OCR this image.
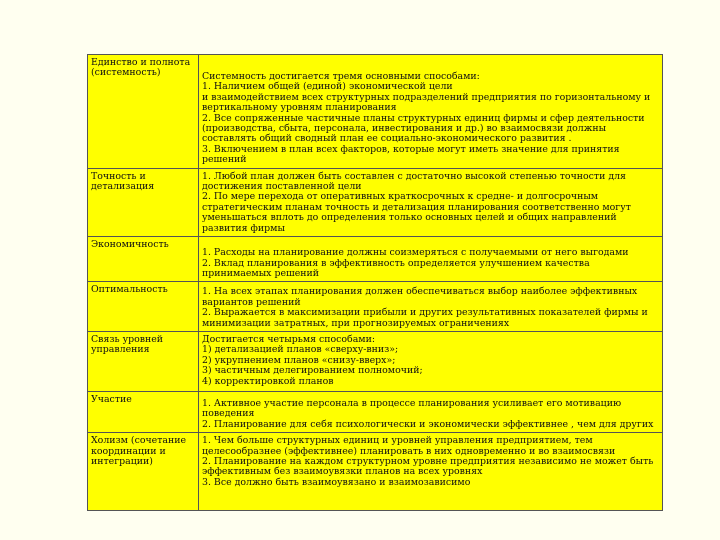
Единство и полнота (системность)	Системность достигается тремя основными способами:
1. Наличием общей (единой) экономической цели
и взаимодействием всех структурных подразделений предприятия по горизонтальному и вертикальному уровням планирования
2. Все сопряженные частичные планы структурных единиц фирмы и сфер деятельности (производства, сбыта, персонала, инвестирования и др.) во взаимосвязи должны составлять общий сводный план ее социально-экономического развития .
3. Включением в план всех факторов, которые могут иметь значение для принятия решений

Точность и детализация	1. Любой план должен быть составлен с достаточно высокой степенью точности для достижения поставленной цели
2. По мере перехода от оперативных краткосрочных к средне- и долгосрочным стратегическим планам точность и детализация планирования соответственно могут уменьшаться вплоть до определения только основных целей и общих направлений развития фирмы

Экономичность	1. Расходы на планирование должны соизмеряться с получаемыми от него выгодами
2. Вклад планирования в эффективность определяется улучшением качества принимаемых решений

Оптимальность	1. На всех этапах планирования должен обеспечиваться выбор наиболее эффективных вариантов решений
2. Выражается в максимизации прибыли и других результативных показателей фирмы и минимизации затратных, при прогнозируемых ограничениях

Связь уровней управления	Достигается четырьмя способами:
1) детализацией планов «сверху-вниз»;
2) укрупнением планов «снизу-вверх»;
3) частичным делегированием полномочий;
4) корректировкой планов

Участие	1. Активное участие персонала в процессе планирования усиливает его мотивацию поведения
2. Планирование для себя психологически и экономически эффективнее , чем для других

Холизм (сочетание координации и интеграции)	1. Чем больше структурных единиц и уровней управления предприятием, тем целесообразнее (эффективнее) планировать в них одновременно и во взаимосвязи
2. Планирование на каждом структурном уровне предприятия независимо не может быть эффективным без взаимоувязки планов на всех уровнях
3. Все должно быть взаимоувязано и взаимозависимо
